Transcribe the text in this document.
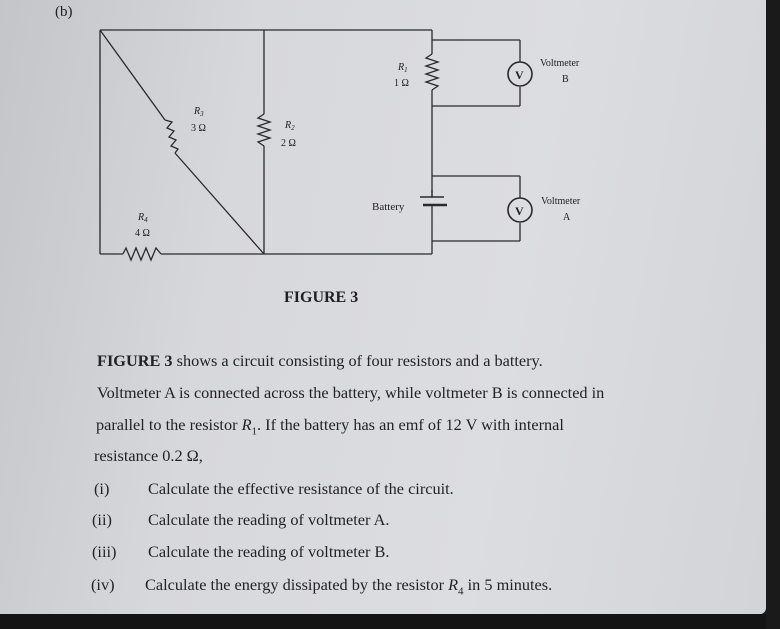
(b)
$R_1$
1 Ω
$R_2$
2 Ω
$R_3$
3 Ω
$R_4$
4 Ω
Battery
V
V
Voltmeter
B
Voltmeter
A
FIGURE 3
FIGURE 3 shows a circuit consisting of four resistors and a battery.
Voltmeter A is connected across the battery, while voltmeter B is connected in
parallel to the resistor $R_1$. If the battery has an emf of 12 V with internal
resistance 0.2 Ω,
(i) Calculate the effective resistance of the circuit.
(ii) Calculate the reading of voltmeter A.
(iii) Calculate the reading of voltmeter B.
(iv) Calculate the energy dissipated by the resistor $R_4$ in 5 minutes.
